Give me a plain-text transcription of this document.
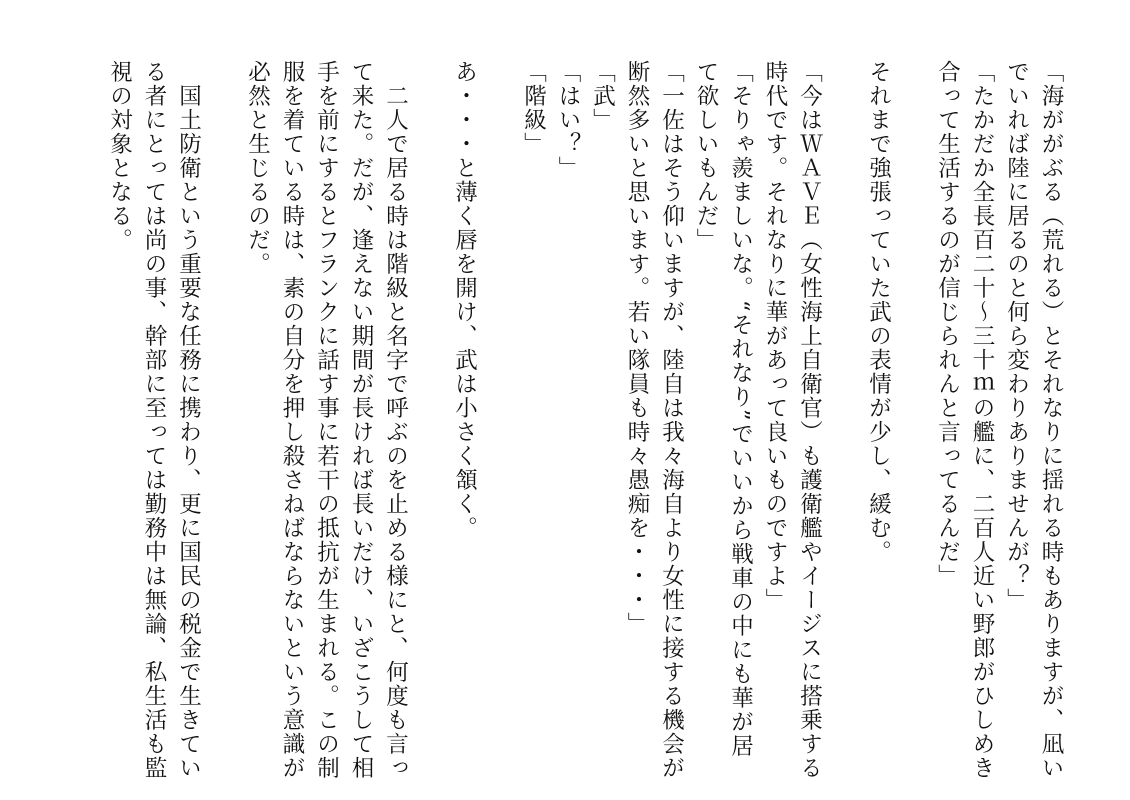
「海ががぶる（荒れる）とそれなりに揺れる時もありますが、凪いでいれば陸に居るのと何ら変わりありませんが？」

「たかだか全長百二十～三十ｍの艦に、二百人近い野郎がひしめき合って生活するのが信じられんと言ってるんだ」

それまで強張っていた武の表情が少し、緩む。

「今はＷＡＶＥ（女性海上自衛官）も護衛艦やイージスに搭乗する時代です。それなりに華があって良いものですよ」

「そりゃ羨ましいな。“それなり”でいいから戦車の中にも華が居て欲しいもんだ」

「一佐はそう仰いますが、陸自は我々海自より女性に接する機会が断然多いと思います。若い隊員も時々愚痴を・・・」

「武」

「はい？」

「階級」

あ・・・と薄く唇を開け、武は小さく頷く。

　二人で居る時は階級と名字で呼ぶのを止める様にと、何度も言って来た。だが、逢えない期間が長ければ長いだけ、いざこうして相手を前にするとフランクに話す事に若干の抵抗が生まれる。この制服を着ている時は、素の自分を押し殺さねばならないという意識が必然と生じるのだ。

　国土防衛という重要な任務に携わり、更に国民の税金で生きている者にとっては尚の事、幹部に至っては勤務中は無論、私生活も監視の対象となる。
